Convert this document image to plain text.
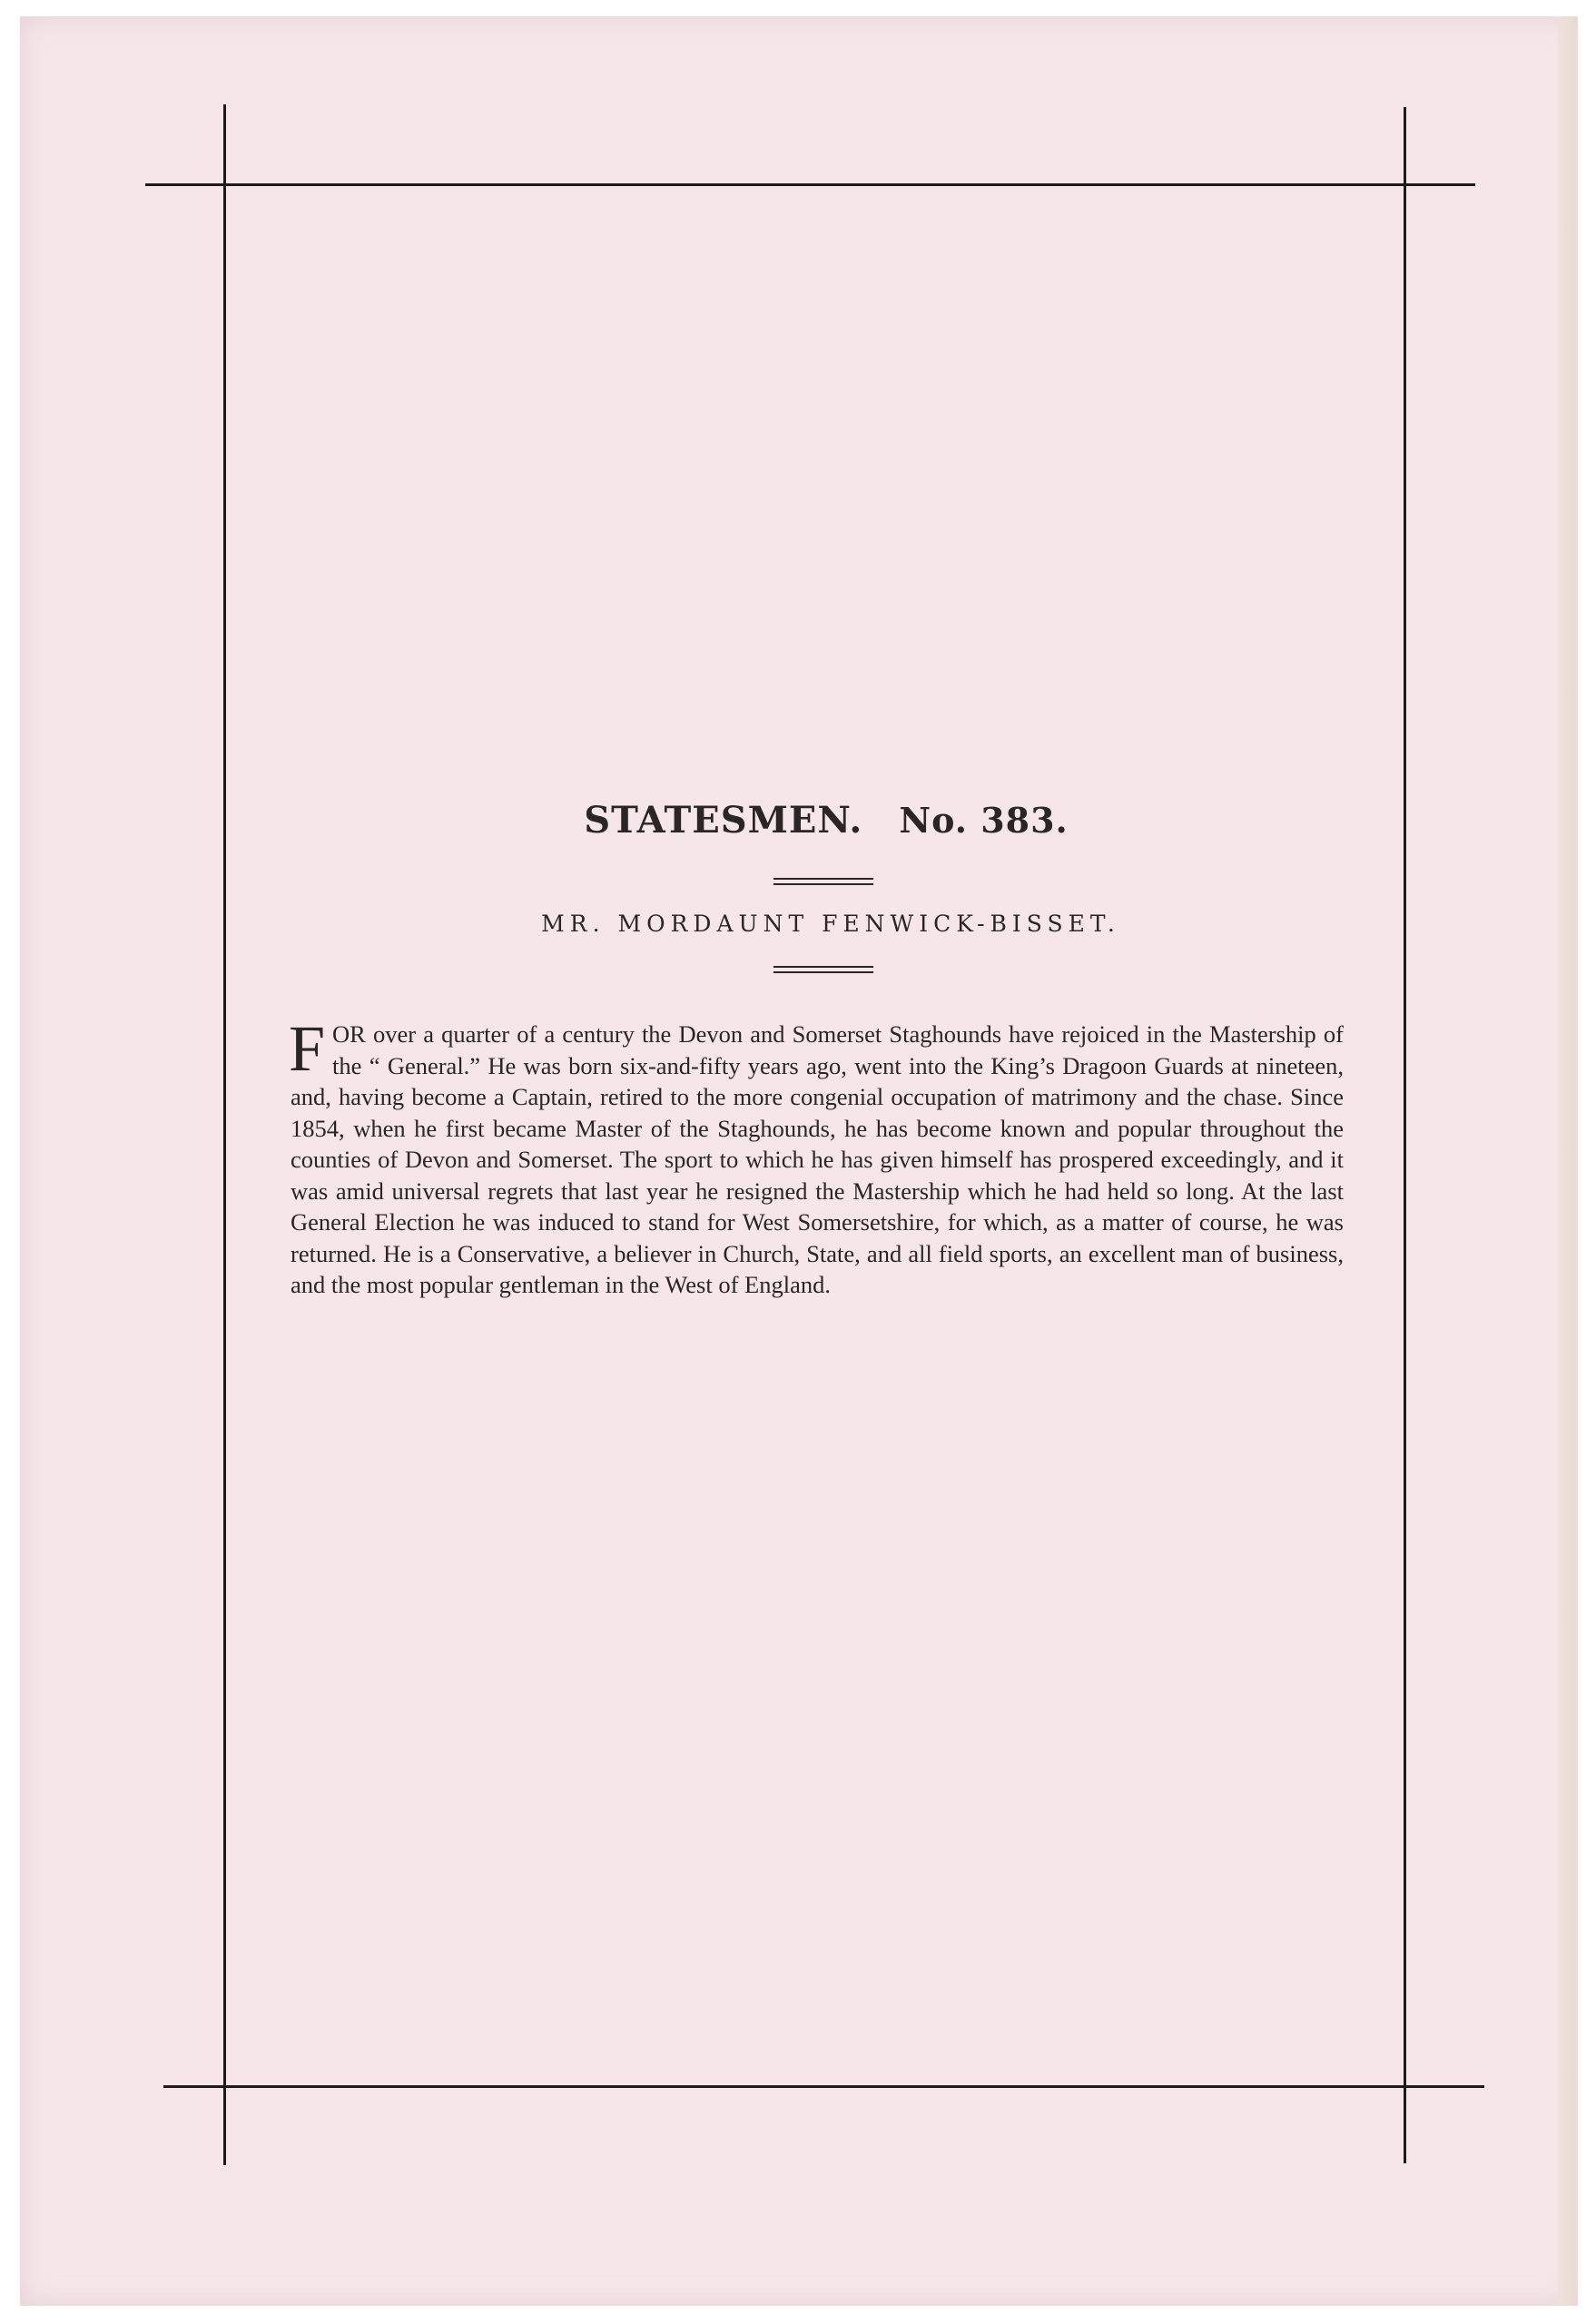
STATESMEN. No. 383.

MR. MORDAUNT FENWICK-BISSET.

FOR over a quarter of a century the Devon and Somerset Staghounds have rejoiced in the Mastership of the “ General.” He was born six-and-fifty years ago, went into the King’s Dragoon Guards at nineteen, and, having become a Captain, retired to the more congenial occupation of matrimony and the chase. Since 1854, when he first became Master of the Staghounds, he has become known and popular throughout the counties of Devon and Somerset. The sport to which he has given himself has prospered exceedingly, and it was amid universal regrets that last year he resigned the Mastership which he had held so long. At the last General Election he was induced to stand for West Somersetshire, for which, as a matter of course, he was returned. He is a Conservative, a believer in Church, State, and all field sports, an excellent man of business, and the most popular gentleman in the West of England.
